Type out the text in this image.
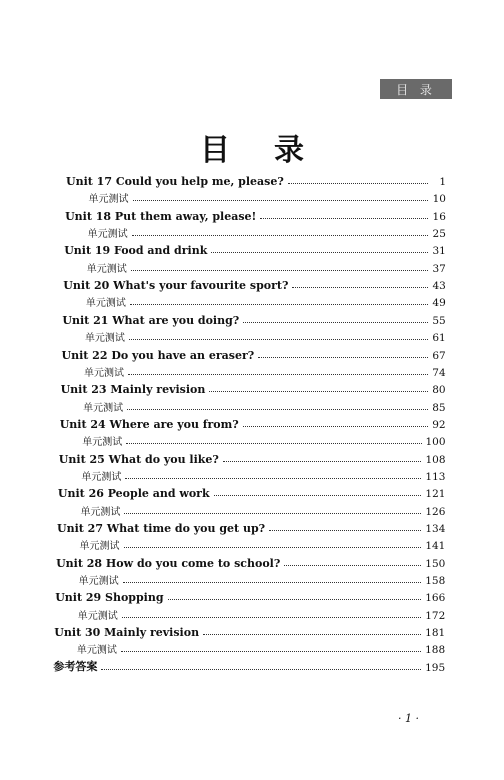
目 录
目 录
Unit 17 Could you help me, please?	1
单元测试	10
Unit 18 Put them away, please!	16
单元测试	25
Unit 19 Food and drink	31
单元测试	37
Unit 20 What's your favourite sport?	43
单元测试	49
Unit 21 What are you doing?	55
单元测试	61
Unit 22 Do you have an eraser?	67
单元测试	74
Unit 23 Mainly revision	80
单元测试	85
Unit 24 Where are you from?	92
单元测试	100
Unit 25 What do you like?	108
单元测试	113
Unit 26 People and work	121
单元测试	126
Unit 27 What time do you get up?	134
单元测试	141
Unit 28 How do you come to school?	150
单元测试	158
Unit 29 Shopping	166
单元测试	172
Unit 30 Mainly revision	181
单元测试	188
参考答案	195
· 1 ·
